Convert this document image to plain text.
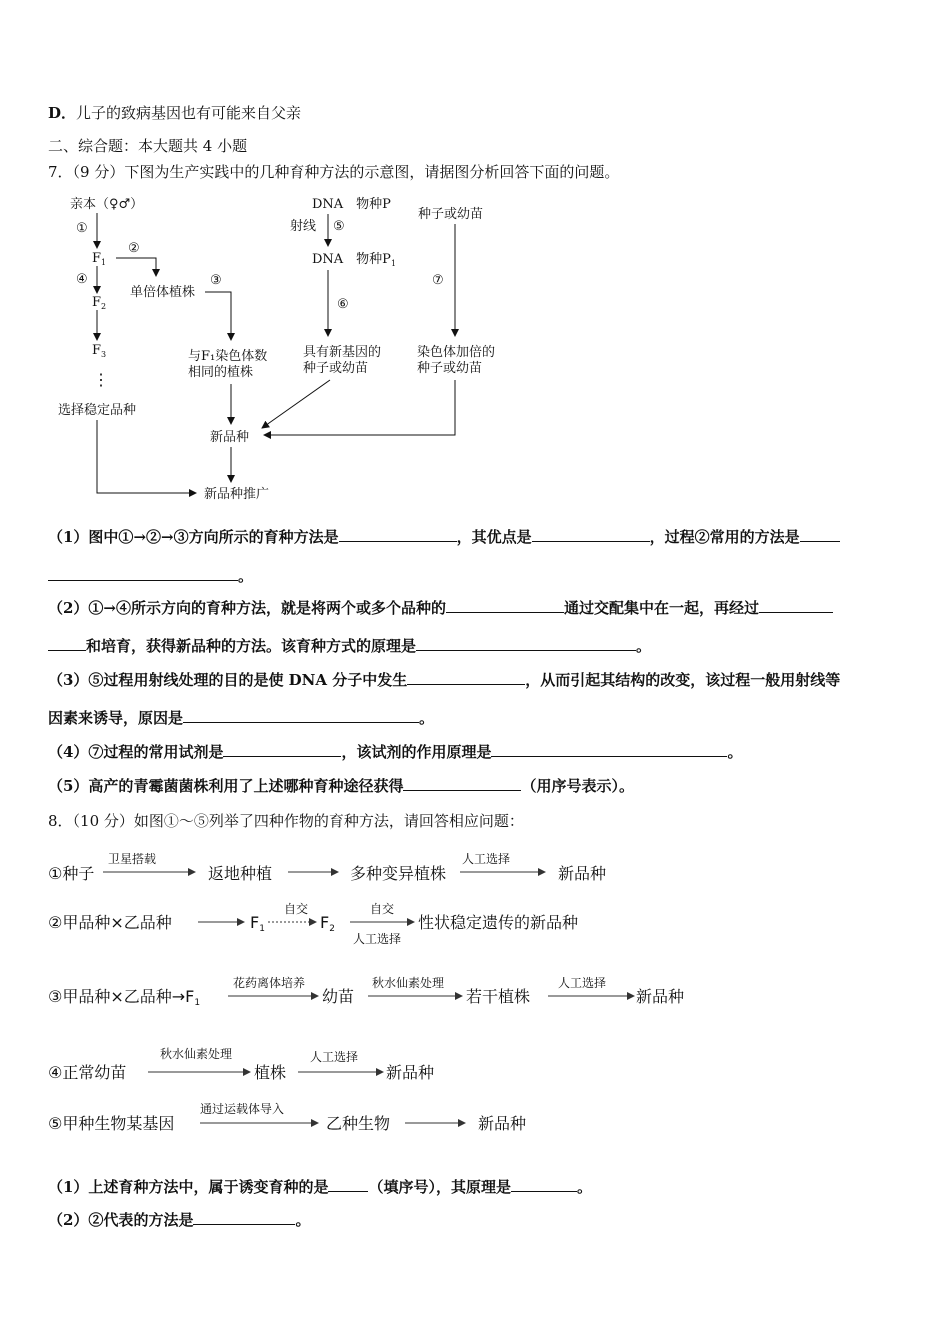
D．儿子的致病基因也有可能来自父亲
二、综合题：本大题共 4 小题
7．（9 分）下图为生产实践中的几种育种方法的示意图，请据图分析回答下面的问题。
亲本（♀♂）
①
$F_1$
②
④
$F_2$
$F_3$
⋮
选择稳定品种
新品种推广
单倍体植株
③
与F₁染色体数
相同的植株
新品种
DNA　物种P
射线 ⑤
DNA　物种$P_1$
⑥
具有新基因的
种子或幼苗
种子或幼苗
⑦
染色体加倍的
种子或幼苗
（1）图中①→②→③方向所示的育种方法是	，其优点是	，过程②常用的方法是
。
（2）①→④所示方向的育种方法，就是将两个或多个品种的	通过交配集中在一起，再经过
和培育，获得新品种的方法。该育种方式的原理是	。
（3）⑤过程用射线处理的目的是使 DNA 分子中发生	，从而引起其结构的改变，该过程一般用射线等
因素来诱导，原因是	。
（4）⑦过程的常用试剂是	，该试剂的作用原理是	。
（5）高产的青霉菌菌株利用了上述哪种育种途径获得	（用序号表示）。
8．（10 分）如图①～⑤列举了四种作物的育种方法，请回答相应问题：
①种子
卫星搭载
返地种植	多种变异植株
人工选择
新品种
②甲品种×乙品种	F1
自交
F2
自交
人工选择
性状稳定遗传的新品种
③甲品种×乙品种→F1
花药离体培养
幼苗
秋水仙素处理
若干植株
人工选择
新品种
④正常幼苗
秋水仙素处理
植株
人工选择
新品种
⑤甲种生物某基因
通过运载体导入
乙种生物	新品种
（1）上述育种方法中，属于诱变育种的是	（填序号），其原理是	。
（2）②代表的方法是	。
